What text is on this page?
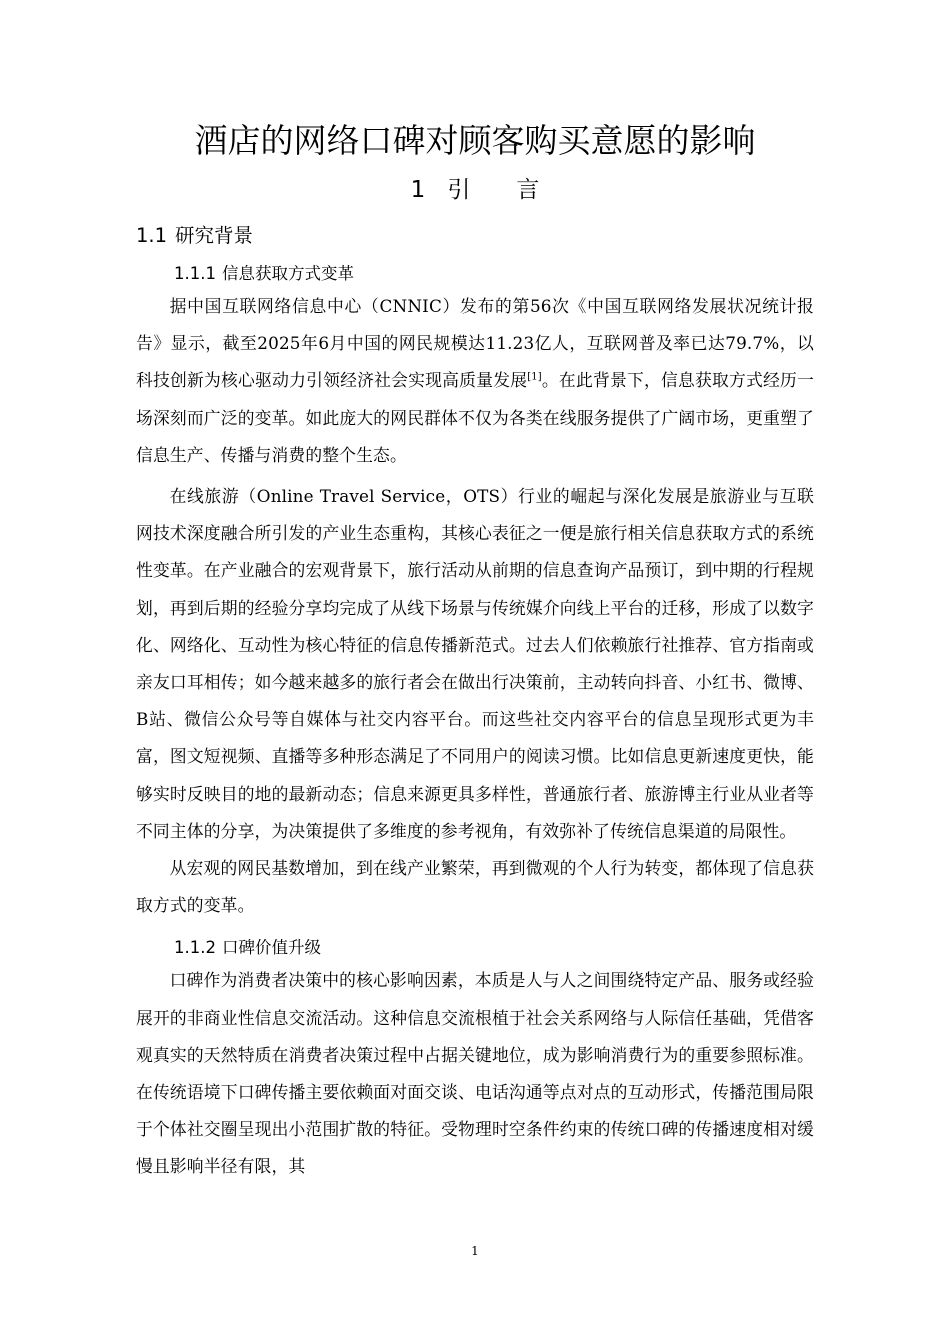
酒店的网络口碑对顾客购买意愿的影响
1 引 言
1.1 研究背景
1.1.1 信息获取方式变革

据中国互联网络信息中心（CNNIC）发布的第56次《中国互联网络发展状况统计报告》显示，截至2025年6月中国的网民规模达11.23亿人，互联网普及率已达79.7%，以科技创新为核心驱动力引领经济社会实现高质量发展[1]。在此背景下，信息获取方式经历一场深刻而广泛的变革。如此庞大的网民群体不仅为各类在线服务提供了广阔市场，更重塑了信息生产、传播与消费的整个生态。

在线旅游（Online Travel Service，OTS）行业的崛起与深化发展是旅游业与互联网技术深度融合所引发的产业生态重构，其核心表征之一便是旅行相关信息获取方式的系统性变革。在产业融合的宏观背景下，旅行活动从前期的信息查询产品预订，到中期的行程规划，再到后期的经验分享均完成了从线下场景与传统媒介向线上平台的迁移，形成了以数字化、网络化、互动性为核心特征的信息传播新范式。过去人们依赖旅行社推荐、官方指南或亲友口耳相传；如今越来越多的旅行者会在做出行决策前，主动转向抖音、小红书、微博、B站、微信公众号等自媒体与社交内容平台。而这些社交内容平台的信息呈现形式更为丰富，图文短视频、直播等多种形态满足了不同用户的阅读习惯。比如信息更新速度更快，能够实时反映目的地的最新动态；信息来源更具多样性，普通旅行者、旅游博主行业从业者等不同主体的分享，为决策提供了多维度的参考视角，有效弥补了传统信息渠道的局限性。

从宏观的网民基数增加，到在线产业繁荣，再到微观的个人行为转变，都体现了信息获取方式的变革。

1.1.2 口碑价值升级

口碑作为消费者决策中的核心影响因素，本质是人与人之间围绕特定产品、服务或经验展开的非商业性信息交流活动。这种信息交流根植于社会关系网络与人际信任基础，凭借客观真实的天然特质在消费者决策过程中占据关键地位，成为影响消费行为的重要参照标准。在传统语境下口碑传播主要依赖面对面交谈、电话沟通等点对点的互动形式，传播范围局限于个体社交圈呈现出小范围扩散的特征。受物理时空条件约束的传统口碑的传播速度相对缓慢且影响半径有限，其

1
